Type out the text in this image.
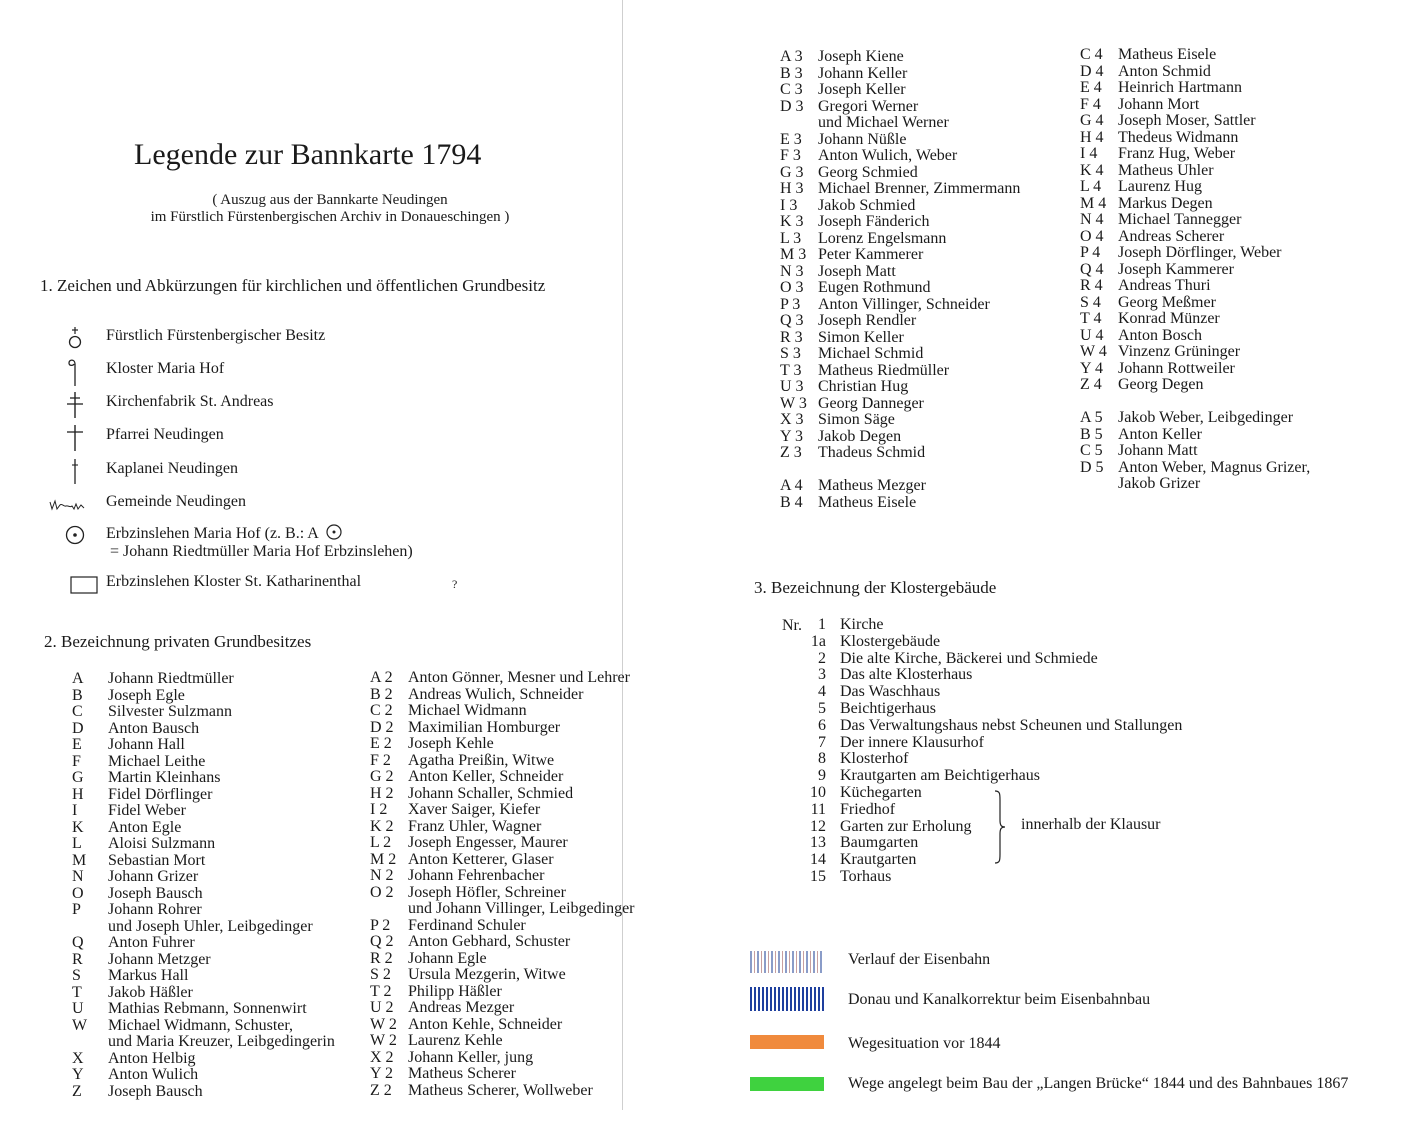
Legende zur Bannkarte 1794
( Auszug aus der Bannkarte Neudingen
im Fürstlich Fürstenbergischen Archiv in Donaueschingen )
1. Zeichen und Abkürzungen für kirchlichen und öffentlichen Grundbesitz
Fürstlich Fürstenbergischer Besitz
Kloster Maria Hof
Kirchenfabrik St. Andreas
Pfarrei Neudingen
Kaplanei Neudingen
Gemeinde Neudingen
Erbzinslehen Maria Hof (z. B.: A
= Johann Riedtmüller Maria Hof Erbzinslehen)
Erbzinslehen Kloster St. Katharinenthal	?
2. Bezeichnung privaten Grundbesitzes
A Johann Riedtmüller
B Joseph Egle
C Silvester Sulzmann
D Anton Bausch
E Johann Hall
F Michael Leithe
G Martin Kleinhans
H Fidel Dörflinger
I Fidel Weber
K Anton Egle
L Aloisi Sulzmann
M Sebastian Mort
N Johann Grizer
O Joseph Bausch
P Johann Rohrer
und Joseph Uhler, Leibgedinger
Q Anton Fuhrer
R Johann Metzger
S Markus Hall
T Jakob Häßler
U Mathias Rebmann, Sonnenwirt
W Michael Widmann, Schuster,
und Maria Kreuzer, Leibgedingerin
X Anton Helbig
Y Anton Wulich
Z Joseph Bausch
A 2 Anton Gönner, Mesner und Lehrer
B 2 Andreas Wulich, Schneider
C 2 Michael Widmann
D 2 Maximilian Homburger
E 2 Joseph Kehle
F 2 Agatha Preißin, Witwe
G 2 Anton Keller, Schneider
H 2 Johann Schaller, Schmied
I 2 Xaver Saiger, Kiefer
K 2 Franz Uhler, Wagner
L 2 Joseph Engesser, Maurer
M 2 Anton Ketterer, Glaser
N 2 Johann Fehrenbacher
O 2 Joseph Höfler, Schreiner
und Johann Villinger, Leibgedinger
P 2 Ferdinand Schuler
Q 2 Anton Gebhard, Schuster
R 2 Johann Egle
S 2 Ursula Mezgerin, Witwe
T 2 Philipp Häßler
U 2 Andreas Mezger
W 2 Anton Kehle, Schneider
W 2 Laurenz Kehle
X 2 Johann Keller, jung
Y 2 Matheus Scherer
Z 2 Matheus Scherer, Wollweber
A 3 Joseph Kiene
B 3 Johann Keller
C 3 Joseph Keller
D 3 Gregori Werner
und Michael Werner
E 3 Johann Nüßle
F 3 Anton Wulich, Weber
G 3 Georg Schmied
H 3 Michael Brenner, Zimmermann
I 3 Jakob Schmied
K 3 Joseph Fänderich
L 3 Lorenz Engelsmann
M 3 Peter Kammerer
N 3 Joseph Matt
O 3 Eugen Rothmund
P 3 Anton Villinger, Schneider
Q 3 Joseph Rendler
R 3 Simon Keller
S 3 Michael Schmid
T 3 Matheus Riedmüller
U 3 Christian Hug
W 3 Georg Danneger
X 3 Simon Säge
Y 3 Jakob Degen
Z 3 Thadeus Schmid
A 4 Matheus Mezger
B 4 Matheus Eisele
C 4 Matheus Eisele
D 4 Anton Schmid
E 4 Heinrich Hartmann
F 4 Johann Mort
G 4 Joseph Moser, Sattler
H 4 Thedeus Widmann
I 4 Franz Hug, Weber
K 4 Matheus Uhler
L 4 Laurenz Hug
M 4 Markus Degen
N 4 Michael Tannegger
O 4 Andreas Scherer
P 4 Joseph Dörflinger, Weber
Q 4 Joseph Kammerer
R 4 Andreas Thuri
S 4 Georg Meßmer
T 4 Konrad Münzer
U 4 Anton Bosch
W 4 Vinzenz Grüninger
Y 4 Johann Rottweiler
Z 4 Georg Degen
A 5 Jakob Weber, Leibgedinger
B 5 Anton Keller
C 5 Johann Matt
D 5 Anton Weber, Magnus Grizer,
Jakob Grizer
3. Bezeichnung der Klostergebäude
Nr.	1 Kirche
1a Klostergebäude
2 Die alte Kirche, Bäckerei und Schmiede
3 Das alte Klosterhaus
4 Das Waschhaus
5 Beichtigerhaus
6 Das Verwaltungshaus nebst Scheunen und Stallungen
7 Der innere Klausurhof
8 Klosterhof
9 Krautgarten am Beichtigerhaus
10 Küchegarten
11 Friedhof
12 Garten zur Erholung
13 Baumgarten
14 Krautgarten
15 Torhaus
innerhalb der Klausur
Verlauf der Eisenbahn
Donau und Kanalkorrektur beim Eisenbahnbau
Wegesituation vor 1844
Wege angelegt beim Bau der „Langen Brücke“ 1844 und des Bahnbaues 1867
